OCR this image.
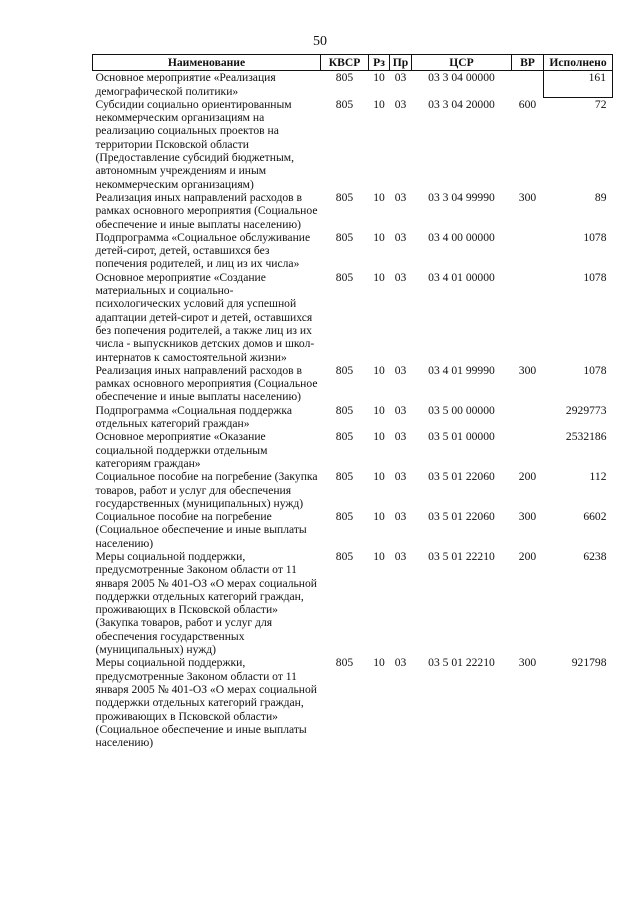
50
Наименование	КВСР	Рз	Пр	ЦСР	ВР	Исполнено
Основное мероприятие «Реализация демографической политики»	805	10	03	03 3 04 00000		161
Субсидии социально ориентированным некоммерческим организациям на реализацию социальных проектов на территории Псковской области (Предоставление субсидий бюджетным, автономным учреждениям и иным некоммерческим организациям)	805	10	03	03 3 04 20000	600	72
Реализация иных направлений расходов в рамках основного мероприятия (Социальное обеспечение и иные выплаты населению)	805	10	03	03 3 04 99990	300	89
Подпрограмма «Социальное обслуживание детей-сирот, детей, оставшихся без попечения родителей, и лиц из их числа»	805	10	03	03 4 00 00000		1078
Основное мероприятие «Создание материальных и социально-психологических условий для успешной адаптации детей-сирот и детей, оставшихся без попечения родителей, а также лиц из их числа - выпускников детских домов и школ-интернатов к самостоятельной жизни»	805	10	03	03 4 01 00000		1078
Реализация иных направлений расходов в рамках основного мероприятия (Социальное обеспечение и иные выплаты населению)	805	10	03	03 4 01 99990	300	1078
Подпрограмма «Социальная поддержка отдельных категорий граждан»	805	10	03	03 5 00 00000		2929773
Основное мероприятие «Оказание социальной поддержки отдельным категориям граждан»	805	10	03	03 5 01 00000		2532186
Социальное пособие на погребение (Закупка товаров, работ и услуг для обеспечения государственных (муниципальных) нужд)	805	10	03	03 5 01 22060	200	112
Социальное пособие на погребение (Социальное обеспечение и иные выплаты населению)	805	10	03	03 5 01 22060	300	6602
Меры социальной поддержки, предусмотренные Законом области от 11 января 2005 № 401-ОЗ «О мерах социальной поддержки отдельных категорий граждан, проживающих в Псковской области» (Закупка товаров, работ и услуг для обеспечения государственных (муниципальных) нужд)	805	10	03	03 5 01 22210	200	6238
Меры социальной поддержки, предусмотренные Законом области от 11 января 2005 № 401-ОЗ «О мерах социальной поддержки отдельных категорий граждан, проживающих в Псковской области» (Социальное обеспечение и иные выплаты населению)	805	10	03	03 5 01 22210	300	921798
